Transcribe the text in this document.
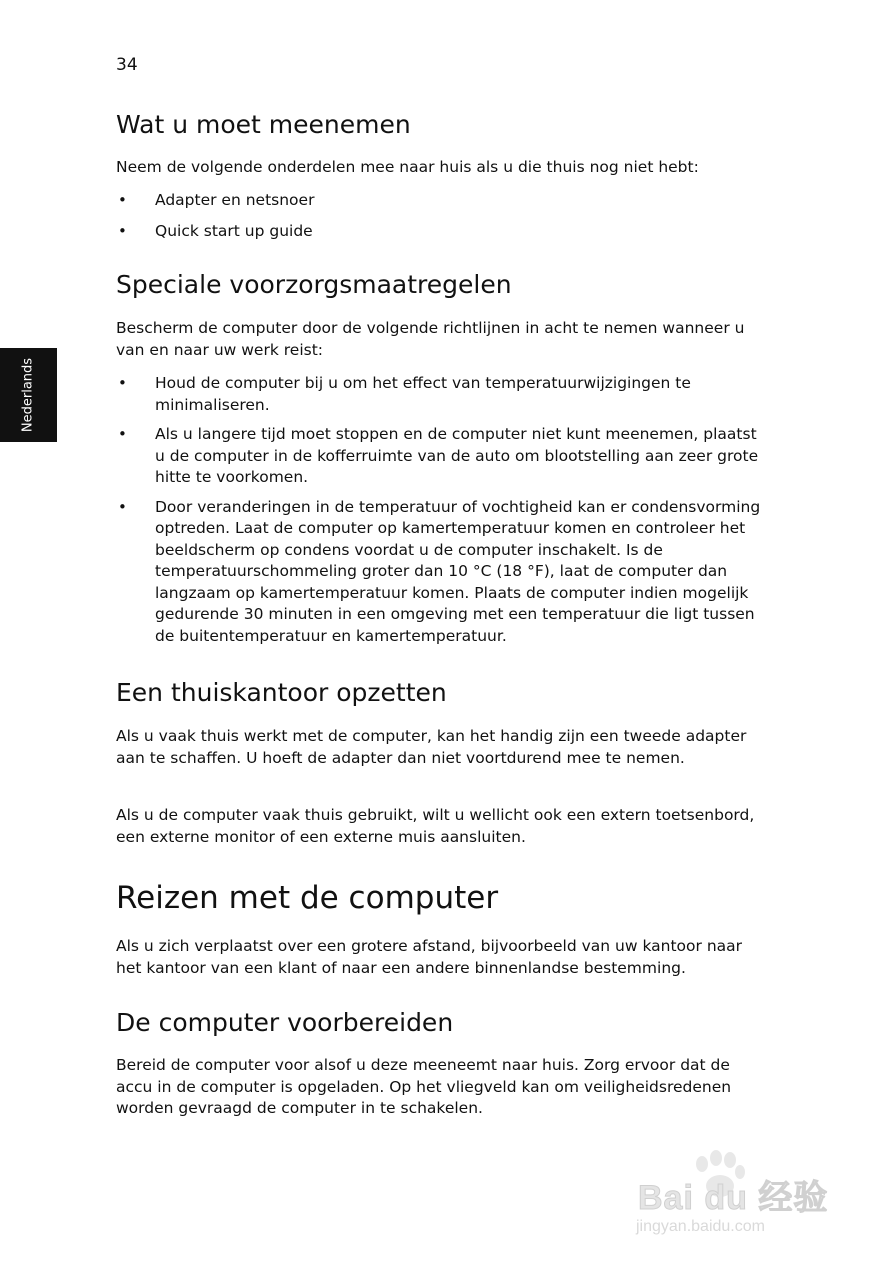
34
Nederlands
Wat u moet meenemen

Neem de volgende onderdelen mee naar huis als u die thuis nog niet hebt:

• Adapter en netsnoer
• Quick start up guide
Speciale voorzorgsmaatregelen

Bescherm de computer door de volgende richtlijnen in acht te nemen wanneer u van en naar uw werk reist:

• Houd de computer bij u om het effect van temperatuurwijzigingen te minimaliseren.
• Als u langere tijd moet stoppen en de computer niet kunt meenemen, plaatst u de computer in de kofferruimte van de auto om blootstelling aan zeer grote hitte te voorkomen.
• Door veranderingen in de temperatuur of vochtigheid kan er condensvorming optreden. Laat de computer op kamertemperatuur komen en controleer het beeldscherm op condens voordat u de computer inschakelt. Is de temperatuurschommeling groter dan 10 °C (18 °F), laat de computer dan langzaam op kamertemperatuur komen. Plaats de computer indien mogelijk gedurende 30 minuten in een omgeving met een temperatuur die ligt tussen de buitentemperatuur en kamertemperatuur.
Een thuiskantoor opzetten

Als u vaak thuis werkt met de computer, kan het handig zijn een tweede adapter aan te schaffen. U hoeft de adapter dan niet voortdurend mee te nemen.

Als u de computer vaak thuis gebruikt, wilt u wellicht ook een extern toetsenbord, een externe monitor of een externe muis aansluiten.

Reizen met de computer

Als u zich verplaatst over een grotere afstand, bijvoorbeeld van uw kantoor naar het kantoor van een klant of naar een andere binnenlandse bestemming.

De computer voorbereiden

Bereid de computer voor alsof u deze meeneemt naar huis. Zorg ervoor dat de accu in de computer is opgeladen. Op het vliegveld kan om veiligheidsredenen worden gevraagd de computer in te schakelen.

Bai du 经验
jingyan.baidu.com
